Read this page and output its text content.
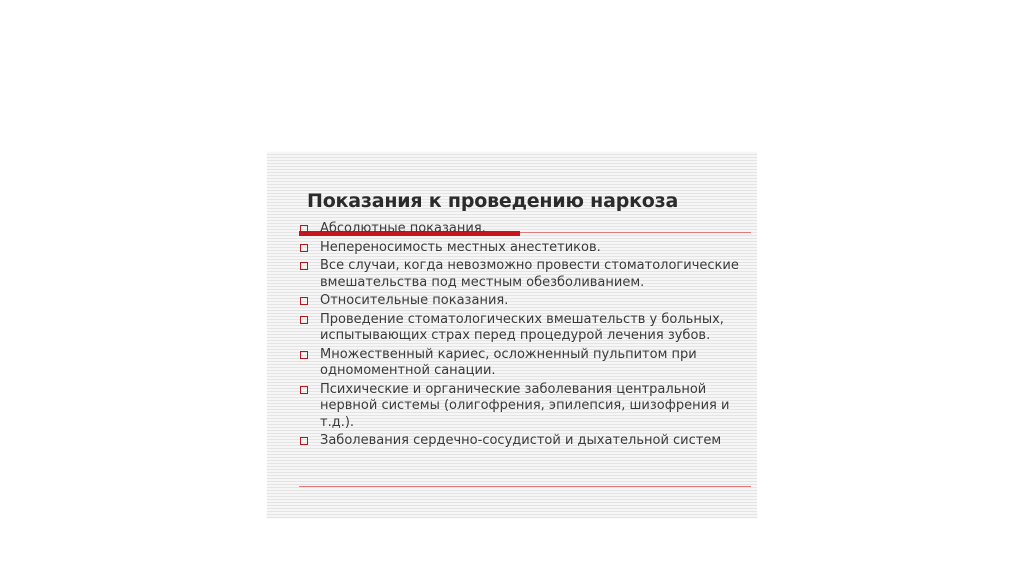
Показания к проведению наркоза
Абсолютные показания.
Непереносимость местных анестетиков.
Все случаи, когда невозможно провести стоматологические вмешательства под местным обезболиванием.
Относительные показания.
Проведение стоматологических вмешательств у больных, испытывающих страх перед процедурой лечения зубов.
Множественный кариес, осложненный пульпитом при одномоментной санации.
Психические и органические заболевания центральной нервной системы (олигофрения, эпилепсия, шизофрения и т.д.).
Заболевания сердечно-сосудистой и дыхательной систем
